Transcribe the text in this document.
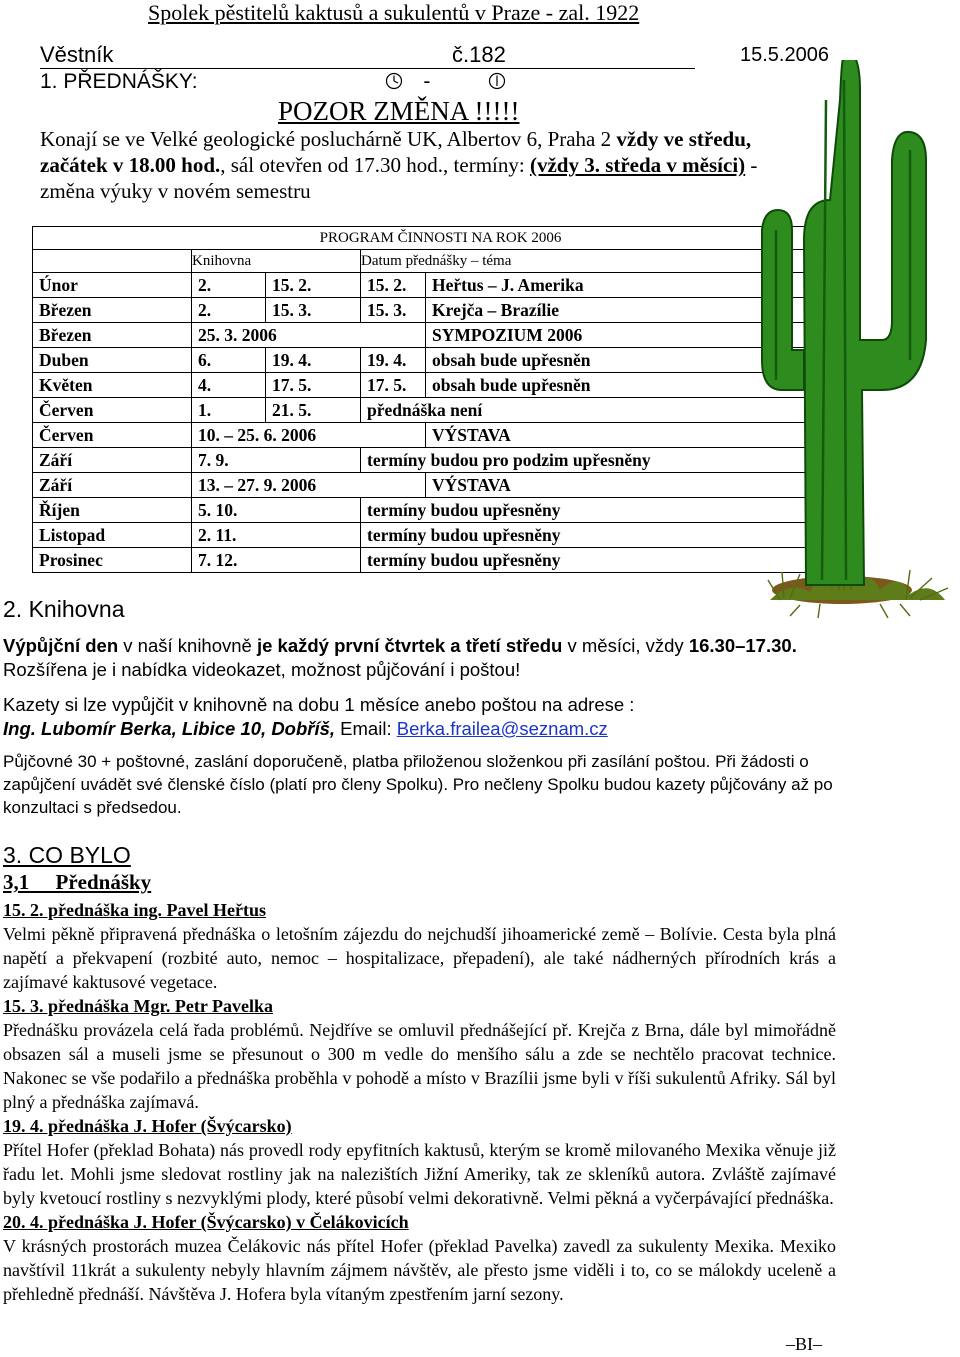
Spolek pěstitelů kaktusů a sukulentů v Praze - zal. 1922
Věstník	č.182	15.5.2006
1. PŘEDNÁŠKY:	-
POZOR ZMĚNA !!!!!
Konají se ve Velké geologické posluchárně UK, Albertov 6, Praha 2 vždy ve středu, začátek v 18.00 hod., sál otevřen od 17.30 hod., termíny: (vždy 3. středa v měsíci) - změna výuky v novém semestru
PROGRAM ČINNOSTI NA ROK 2006				
	Knihovna		Datum přednášky – téma	
Únor	2.	15. 2.	15. 2.	Heřtus – J. Amerika
Březen	2.	15. 3.	15. 3.	Krejča – Brazílie
Březen	25. 3. 2006			SYMPOZIUM 2006
Duben	6.	19. 4.	19. 4.	obsah bude upřesněn
Květen	4.	17. 5.	17. 5.	obsah bude upřesněn
Červen	1.	21. 5.	přednáška není	
Červen	10. – 25. 6. 2006			VÝSTAVA
Září	7. 9.		termíny budou pro podzim upřesněny	
Září	13. – 27. 9. 2006			VÝSTAVA
Říjen	5. 10.		termíny budou upřesněny	
Listopad	2. 11.		termíny budou upřesněny	
Prosinec	7. 12.		termíny budou upřesněny	
2. Knihovna
Výpůjční den v naší knihovně je každý první čtvrtek a třetí středu v měsíci, vždy 16.30–17.30. Rozšířena je i nabídka videokazet, možnost půjčování i poštou!
Kazety si lze vypůjčit v knihovně na dobu 1 měsíce anebo poštou na adrese :
Ing. Lubomír Berka, Libice 10, Dobříš, Email: Berka.frailea@seznam.cz
Půjčovné 30 + poštovné, zaslání doporučeně, platba přiloženou složenkou při zasílání poštou. Při žádosti o zapůjčení uvádět své členské číslo (platí pro členy Spolku). Pro nečleny Spolku budou kazety půjčovány až po konzultaci s předsedou.
3. CO BYLO
3,1     Přednášky

15. 2. přednáška ing. Pavel Heřtus

Velmi pěkně připravená přednáška o letošním zájezdu do nejchudší jihoamerické země – Bolívie. Cesta byla plná napětí a překvapení (rozbité auto, nemoc – hospitalizace, přepadení), ale také nádherných přírodních krás a zajímavé kaktusové vegetace.

15. 3. přednáška Mgr. Petr Pavelka

Přednášku provázela celá řada problémů. Nejdříve se omluvil přednášející př. Krejča z Brna, dále byl mimořádně obsazen sál a museli jsme se přesunout o 300 m vedle do menšího sálu a zde se nechtělo pracovat technice. Nakonec se vše podařilo a přednáška proběhla v pohodě a místo v Brazílii jsme byli v říši sukulentů Afriky. Sál byl plný a přednáška zajímavá.

19. 4. přednáška J. Hofer (Švýcarsko)

Přítel Hofer (překlad Bohata) nás provedl rody epyfitních kaktusů, kterým se kromě milovaného Mexika věnuje již řadu let. Mohli jsme sledovat rostliny jak na nalezištích Jižní Ameriky, tak ze skleníků autora. Zvláště zajímavé byly kvetoucí rostliny s nezvyklými plody, které působí velmi dekorativně. Velmi pěkná a vyčerpávající přednáška.

20. 4. přednáška J. Hofer (Švýcarsko) v Čelákovicích

V krásných prostorách muzea Čelákovic nás přítel Hofer (překlad Pavelka) zavedl za sukulenty Mexika. Mexiko navštívil 11krát a sukulenty nebyly hlavním zájmem návštěv, ale přesto jsme viděli i to, co se málokdy uceleně a přehledně přednáší. Návštěva J. Hofera byla vítaným zpestřením jarní sezony.

–BI–
